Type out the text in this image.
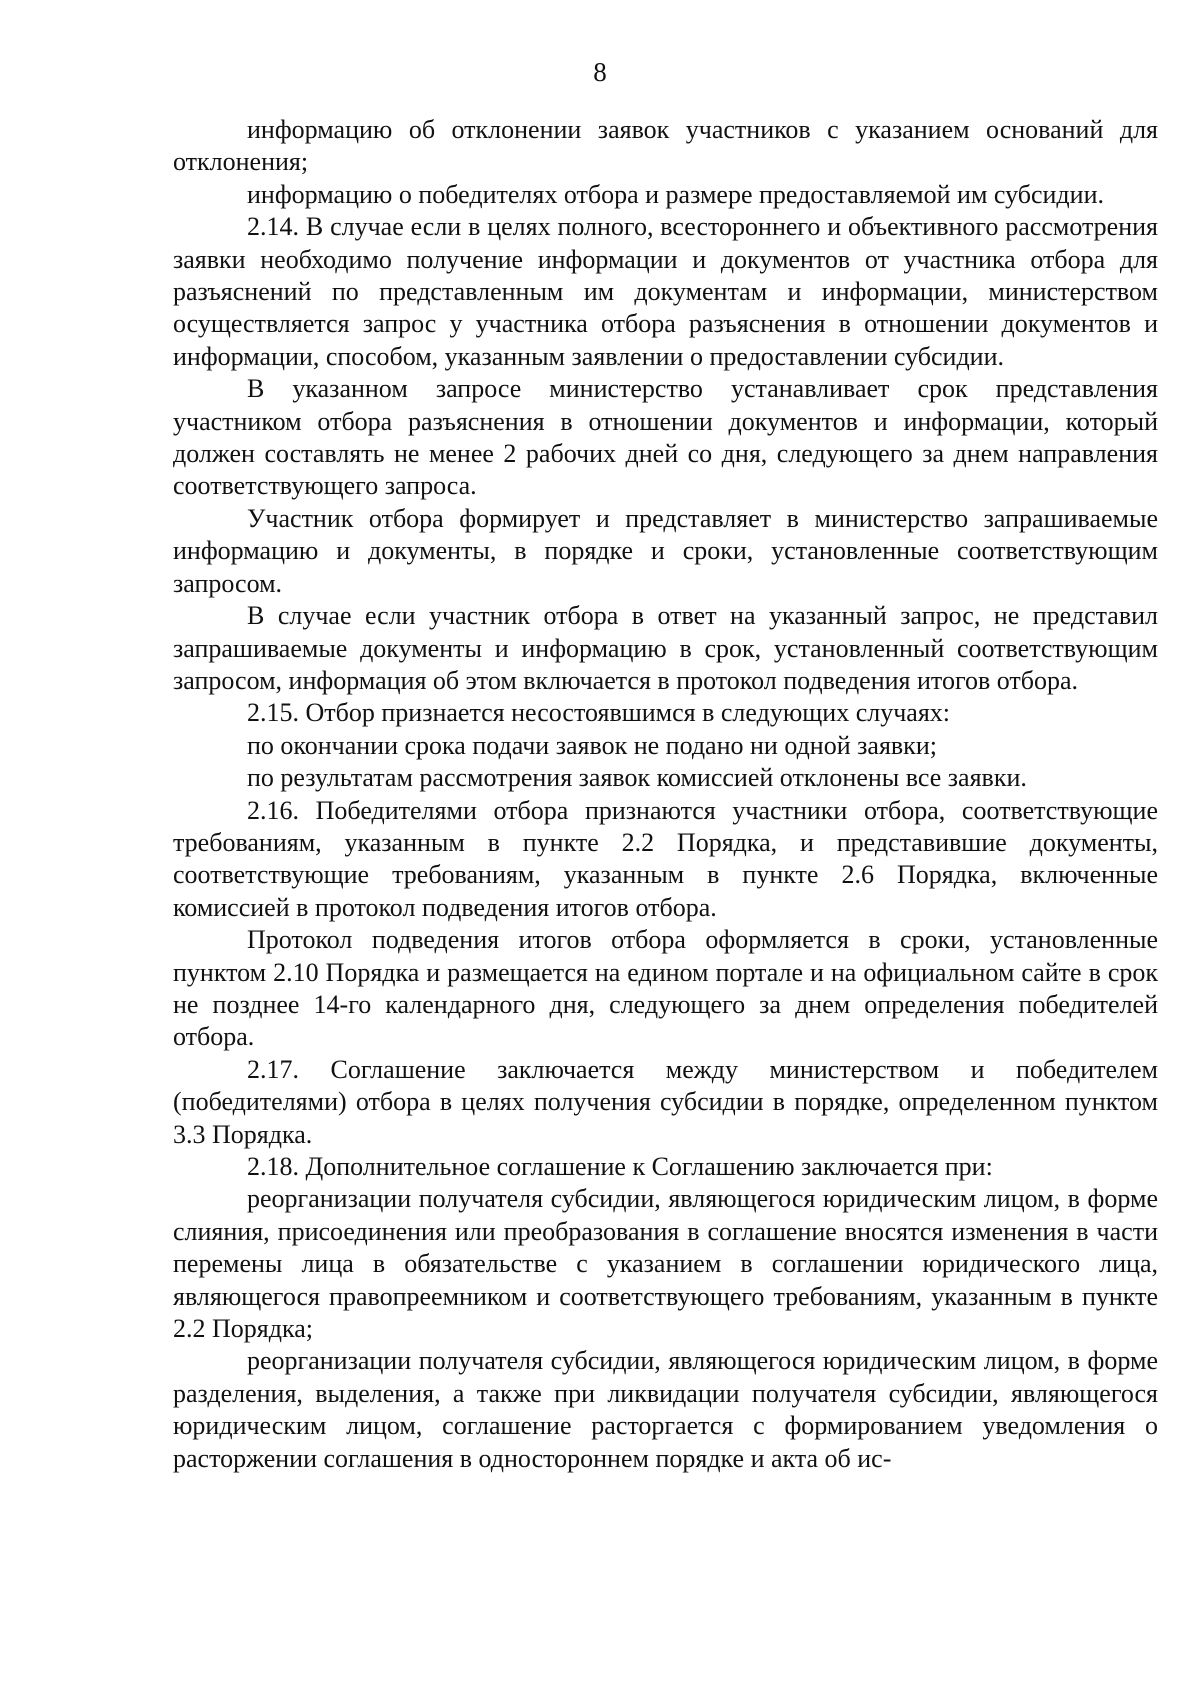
8

информацию об отклонении заявок участников с указанием оснований для отклонения;

информацию о победителях отбора и размере предоставляемой им субсидии.

2.14. В случае если в целях полного, всестороннего и объективного рассмотрения заявки необходимо получение информации и документов от участника отбора для разъяснений по представленным им документам и информации, министерством осуществляется запрос у участника отбора разъяснения в отношении документов и информации, способом, указанным заявлении о предоставлении субсидии.

В указанном запросе министерство устанавливает срок представления участником отбора разъяснения в отношении документов и информации, который должен составлять не менее 2 рабочих дней со дня, следующего за днем направления соответствующего запроса.

Участник отбора формирует и представляет в министерство запрашиваемые информацию и документы, в порядке и сроки, установленные соответствующим запросом.

В случае если участник отбора в ответ на указанный запрос, не представил запрашиваемые документы и информацию в срок, установленный соответствующим запросом, информация об этом включается в протокол подведения итогов отбора.

2.15. Отбор признается несостоявшимся в следующих случаях:

по окончании срока подачи заявок не подано ни одной заявки;

по результатам рассмотрения заявок комиссией отклонены все заявки.

2.16. Победителями отбора признаются участники отбора, соответствующие требованиям, указанным в пункте 2.2 Порядка, и представившие документы, соответствующие требованиям, указанным в пункте 2.6 Порядка, включенные комиссией в протокол подведения итогов отбора.

Протокол подведения итогов отбора оформляется в сроки, установленные пунктом 2.10 Порядка и размещается на едином портале и на официальном сайте в срок не позднее 14-го календарного дня, следующего за днем определения победителей отбора.

2.17. Соглашение заключается между министерством и победителем (победителями) отбора в целях получения субсидии в порядке, определенном пунктом 3.3 Порядка.

2.18. Дополнительное соглашение к Соглашению заключается при:

реорганизации получателя субсидии, являющегося юридическим лицом, в форме слияния, присоединения или преобразования в соглашение вносятся изменения в части перемены лица в обязательстве с указанием в соглашении юридического лица, являющегося правопреемником и соответствующего требованиям, указанным в пункте 2.2 Порядка;

реорганизации получателя субсидии, являющегося юридическим лицом, в форме разделения, выделения, а также при ликвидации получателя субсидии, являющегося юридическим лицом, соглашение расторгается с формированием уведомления о расторжении соглашения в одностороннем порядке и акта об ис-
